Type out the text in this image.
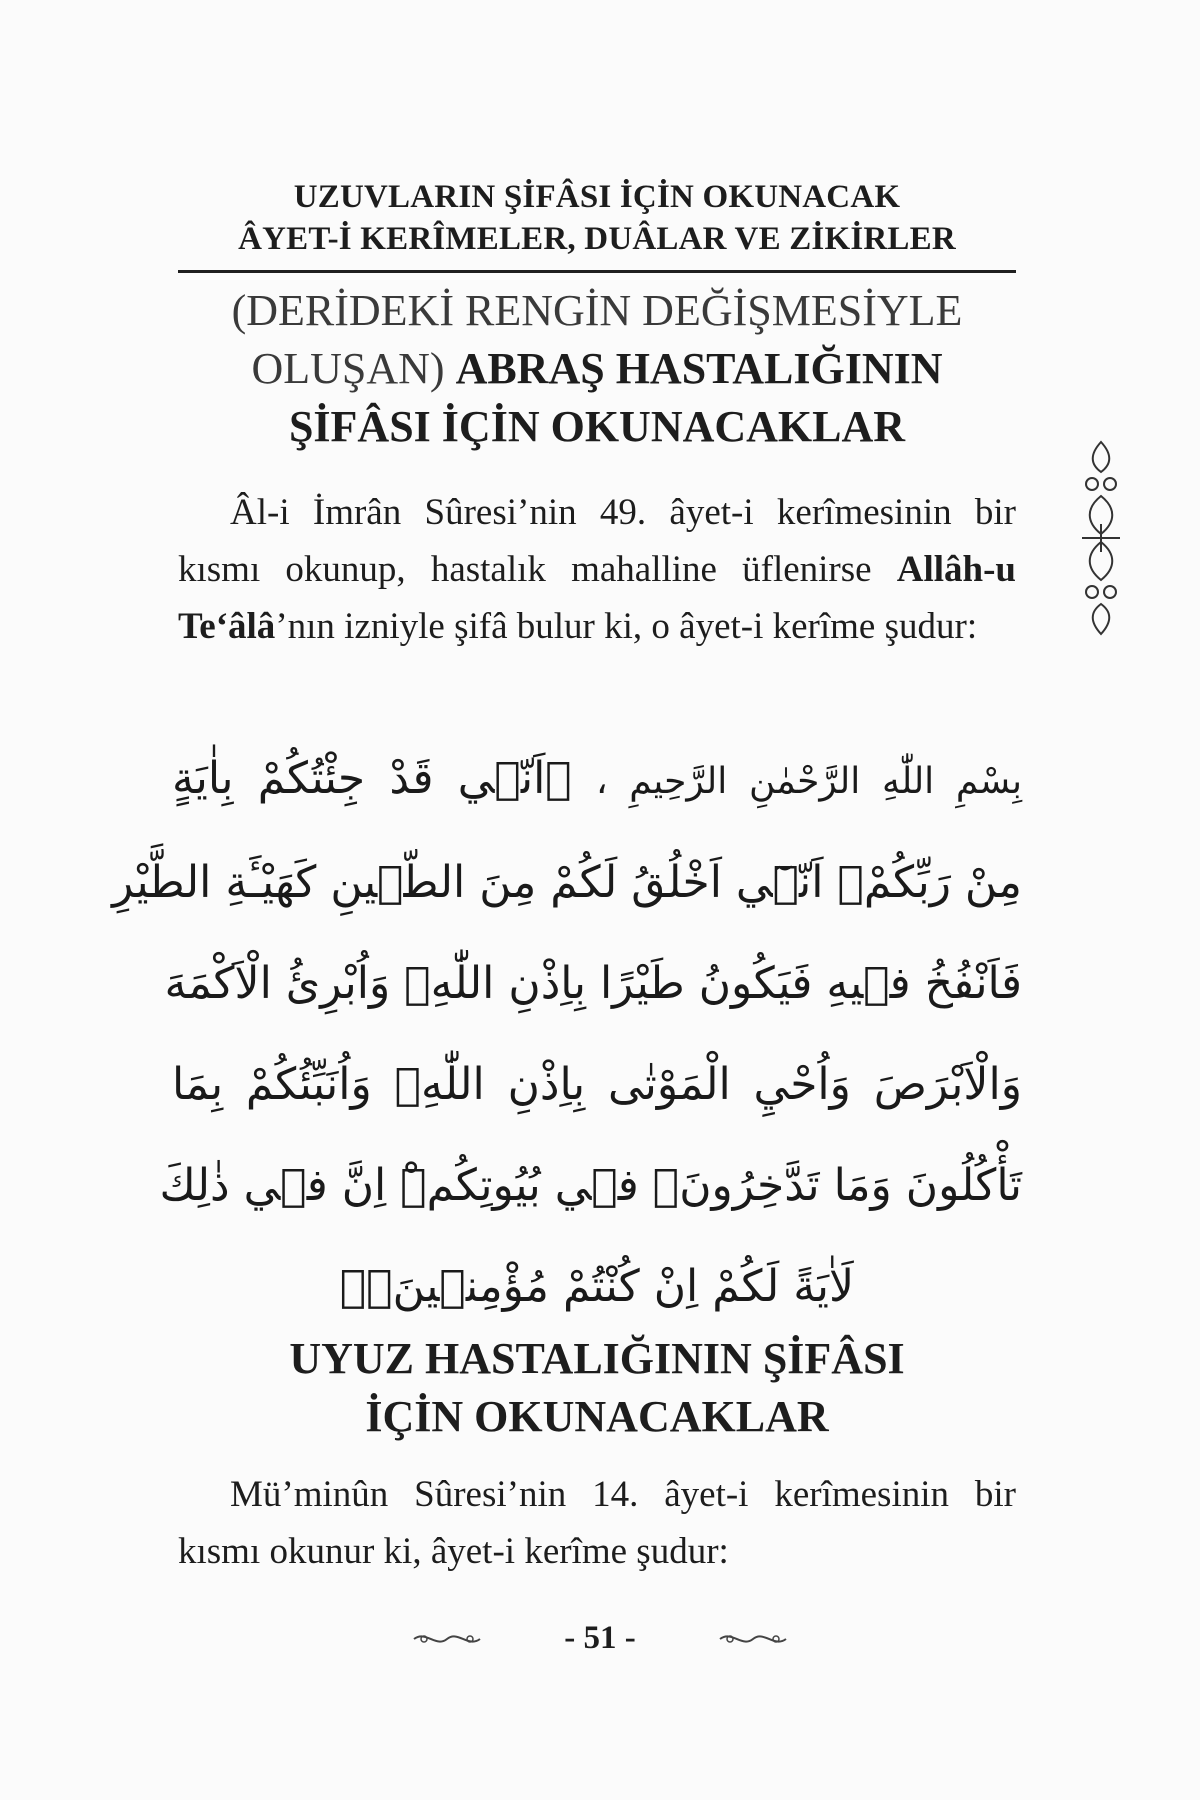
UZUVLARIN ŞİFÂSI İÇİN OKUNACAK
ÂYET-İ KERÎMELER, DUÂLAR VE ZİKİRLER
(DERİDEKİ RENGİN DEĞİŞMESİYLE
OLUŞAN) ABRAŞ HASTALIĞININ
ŞİFÂSI İÇİN OKUNACAKLAR

Âl-i İmrân Sûresi’nin 49. âyet-i kerîmesinin bir kısmı okunup, hastalık mahalline üflenirse Allâh-u Te‘âlâ’nın izniyle şifâ bulur ki, o âyet-i kerîme şudur:

بِسْمِ اللّٰهِ الرَّحْمٰنِ الرَّحِيمِ ، ﴿اَنّ۪ي قَدْ جِئْتُكُمْ بِاٰيَةٍ
مِنْ رَبِّكُمْۙ اَنّ۪ٓي اَخْلُقُ لَكُمْ مِنَ الطّ۪ينِ كَهَيْـَٔةِ الطَّيْرِ
فَاَنْفُخُ ف۪يهِ فَيَكُونُ طَيْرًا بِاِذْنِ اللّٰهِۚ وَاُبْرِئُ الْاَكْمَهَ
وَالْاَبْرَصَ وَاُحْيِ الْمَوْتٰى بِاِذْنِ اللّٰهِۚ وَاُنَبِّئُكُمْ بِمَا
تَأْكُلُونَ وَمَا تَدَّخِرُونَۙ ف۪ي بُيُوتِكُمْۜ اِنَّ ف۪ي ذٰلِكَ
لَاٰيَةً لَكُمْ اِنْ كُنْتُمْ مُؤْمِن۪ينَۚ﴾
UYUZ HASTALIĞININ ŞİFÂSI
İÇİN OKUNACAKLAR

Mü’minûn Sûresi’nin 14. âyet-i kerîmesinin bir kısmı okunur ki, âyet-i kerîme şudur:

- 51 -
